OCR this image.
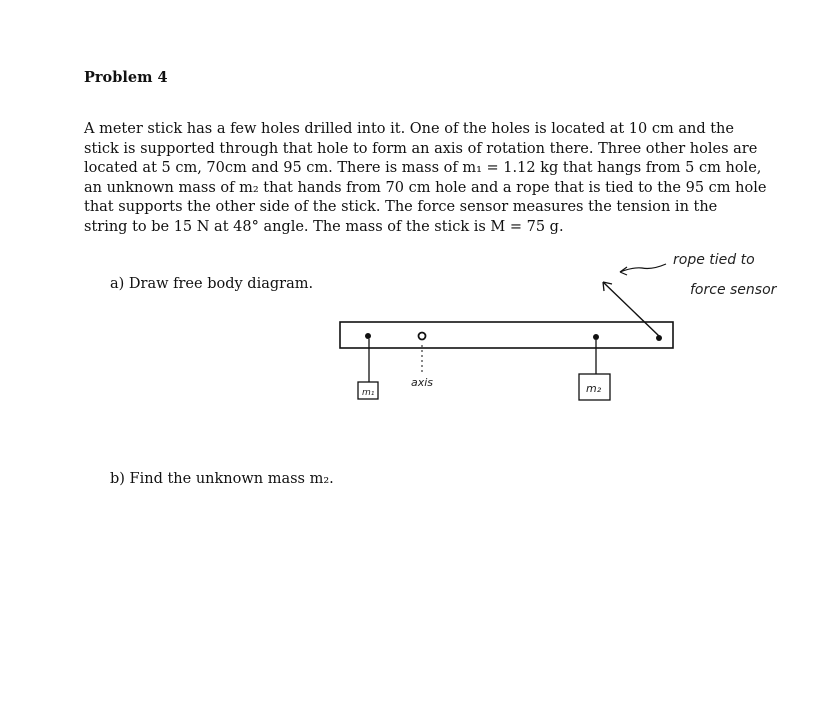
Problem 4
A meter stick has a few holes drilled into it. One of the holes is located at 10 cm and the
stick is supported through that hole to form an axis of rotation there. Three other holes are
located at 5 cm, 70cm and 95 cm. There is mass of m₁ = 1.12 kg that hangs from 5 cm hole,
an unknown mass of m₂ that hands from 70 cm hole and a rope that is tied to the 95 cm hole
that supports the other side of the stick. The force sensor measures the tension in the
string to be 15 N at 48° angle. The mass of the stick is M = 75 g.
a) Draw free body diagram.
b) Find the unknown mass m₂.
m₁
axis	m₂
rope tied to
force sensor
